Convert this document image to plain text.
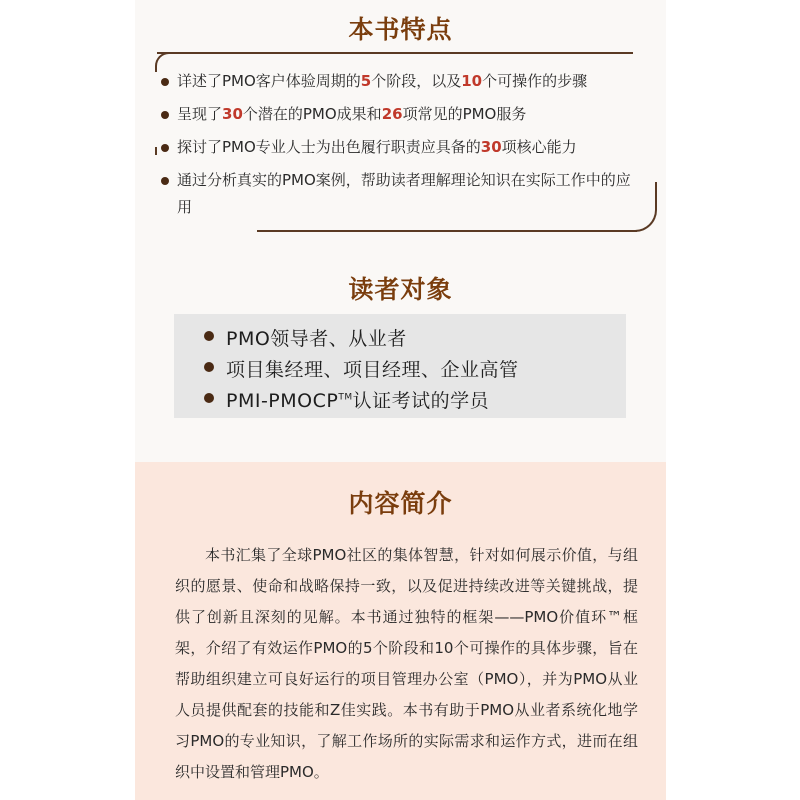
本书特点
详述了PMO客户体验周期的5个阶段，以及10个可操作的步骤
呈现了30个潜在的PMO成果和26项常见的PMO服务
探讨了PMO专业人士为出色履行职责应具备的30项核心能力
通过分析真实的PMO案例，帮助读者理解理论知识在实际工作中的应用
读者对象
PMO领导者、从业者
项目集经理、项目经理、企业高管
PMI-PMOCP™认证考试的学员
内容简介
本书汇集了全球PMO社区的集体智慧，针对如何展示价值，与组织的愿景、使命和战略保持一致，以及促进持续改进等关键挑战，提供了创新且深刻的见解。本书通过独特的框架——PMO价值环™框架，介绍了有效运作PMO的5个阶段和10个可操作的具体步骤，旨在帮助组织建立可良好运行的项目管理办公室（PMO），并为PMO从业人员提供配套的技能和Z佳实践。本书有助于PMO从业者系统化地学习PMO的专业知识，了解工作场所的实际需求和运作方式，进而在组织中设置和管理PMO。
